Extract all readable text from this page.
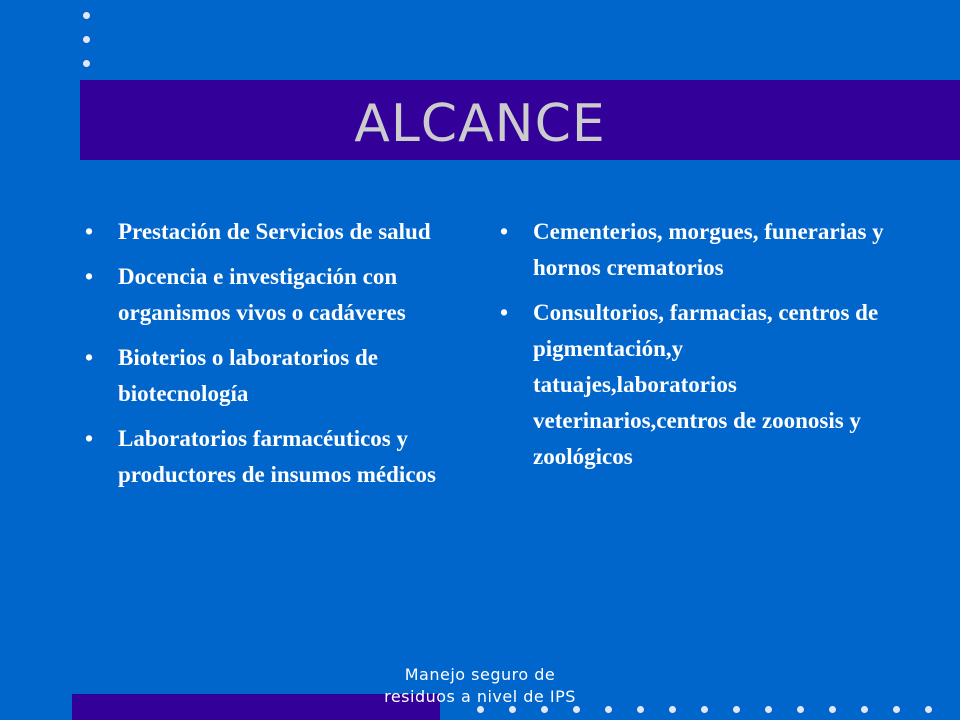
ALCANCE
• Prestación de Servicios de salud
• Docencia e investigación con organismos vivos o cadáveres
• Bioterios o laboratorios de biotecnología
• Laboratorios farmacéuticos y productores de insumos médicos
• Cementerios, morgues, funerarias y hornos crematorios
• Consultorios, farmacias, centros de pigmentación,y tatuajes,laboratorios veterinarios,centros de zoonosis y zoológicos
Manejo seguro de
residuos a nivel de IPS
